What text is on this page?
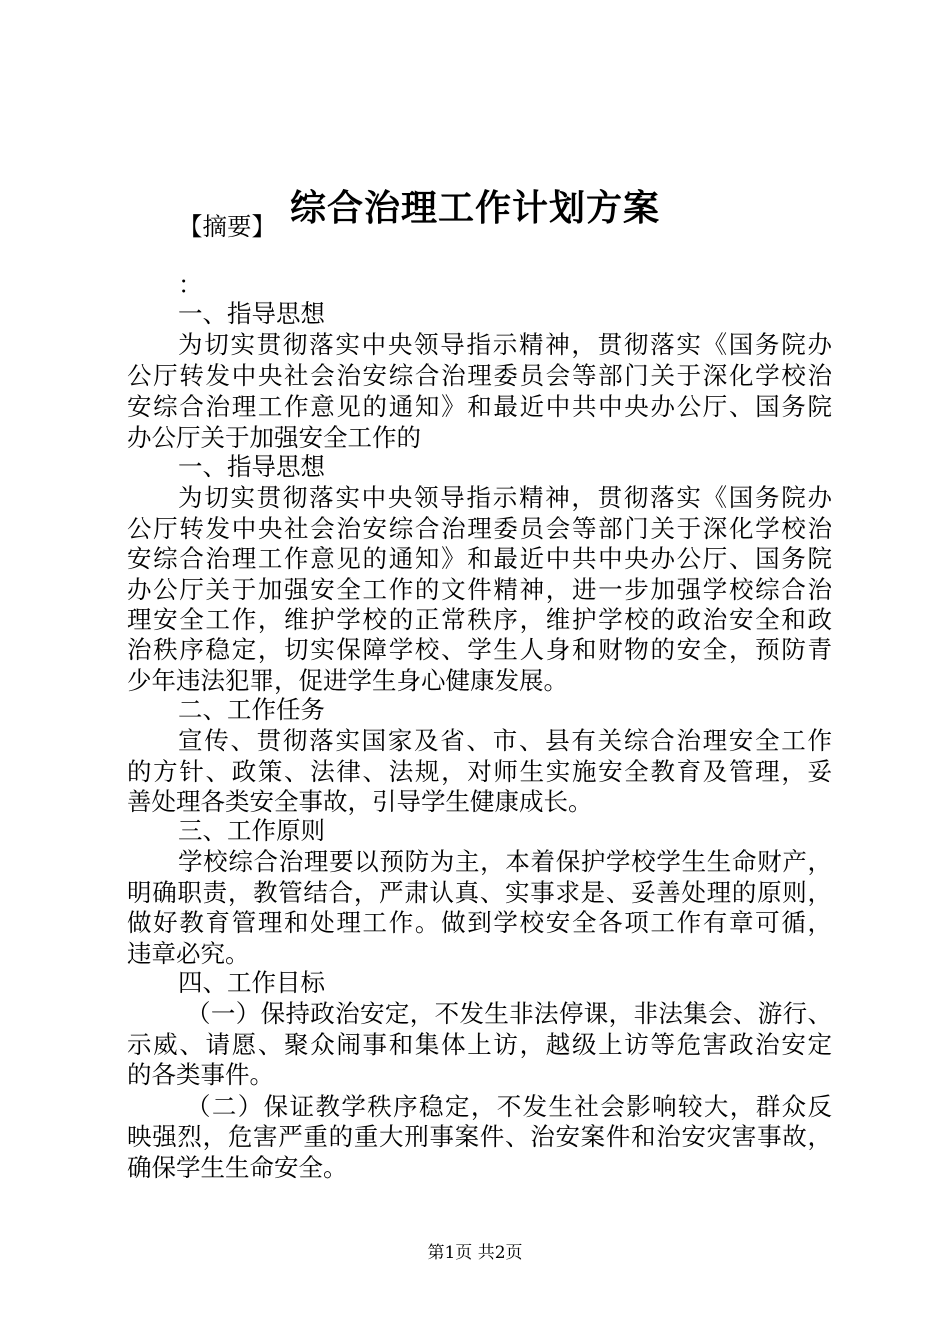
综合治理工作计划方案
【摘要】
：
一、指导思想
为切实贯彻落实中央领导指示精神，贯彻落实《国务院办
公厅转发中央社会治安综合治理委员会等部门关于深化学校治
安综合治理工作意见的通知》和最近中共中央办公厅、国务院
办公厅关于加强安全工作的
一、指导思想
为切实贯彻落实中央领导指示精神，贯彻落实《国务院办
公厅转发中央社会治安综合治理委员会等部门关于深化学校治
安综合治理工作意见的通知》和最近中共中央办公厅、国务院
办公厅关于加强安全工作的文件精神，进一步加强学校综合治
理安全工作，维护学校的正常秩序，维护学校的政治安全和政
治秩序稳定，切实保障学校、学生人身和财物的安全，预防青
少年违法犯罪，促进学生身心健康发展。
二、工作任务
宣传、贯彻落实国家及省、市、县有关综合治理安全工作
的方针、政策、法律、法规，对师生实施安全教育及管理，妥
善处理各类安全事故，引导学生健康成长。
三、工作原则
学校综合治理要以预防为主，本着保护学校学生生命财产，
明确职责，教管结合，严肃认真、实事求是、妥善处理的原则，
做好教育管理和处理工作。做到学校安全各项工作有章可循，
违章必究。
四、工作目标
（一）保持政治安定，不发生非法停课，非法集会、游行、
示威、请愿、聚众闹事和集体上访，越级上访等危害政治安定
的各类事件。
（二）保证教学秩序稳定，不发生社会影响较大，群众反
映强烈，危害严重的重大刑事案件、治安案件和治安灾害事故，
确保学生生命安全。
第1页 共2页
